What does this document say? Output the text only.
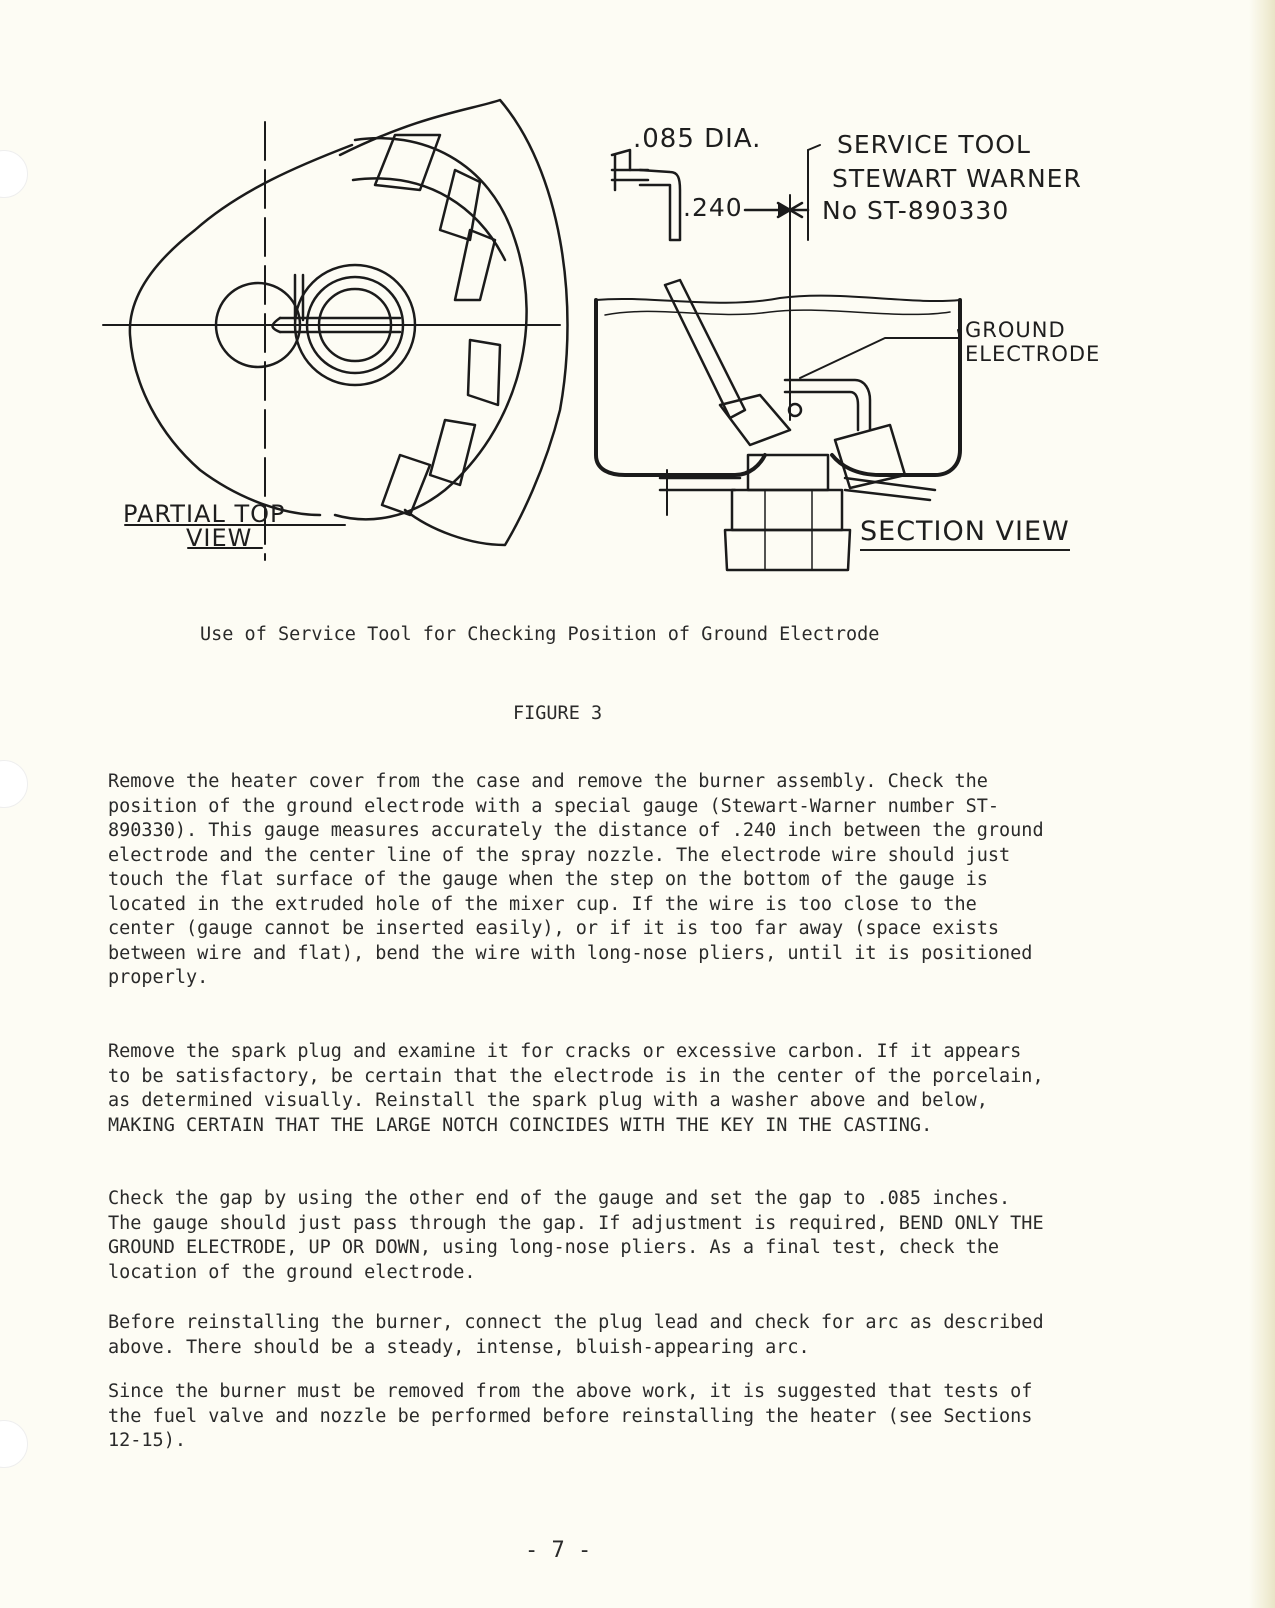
.085 DIA.	SERVICE TOOL
STEWART WARNER
No ST-890330
.240
GROUND
ELECTRODE
PARTIAL TOP
VIEW	SECTION VIEW
Use of Service Tool for Checking Position of Ground Electrode
FIGURE 3

Remove the heater cover from the case and remove the burner assembly. Check the position of the ground electrode with a special gauge (Stewart-Warner number ST-890330). This gauge measures accurately the distance of .240 inch between the ground electrode and the center line of the spray nozzle. The electrode wire should just touch the flat surface of the gauge when the step on the bottom of the gauge is located in the extruded hole of the mixer cup. If the wire is too close to the center (gauge cannot be inserted easily), or if it is too far away (space exists between wire and flat), bend the wire with long-nose pliers, until it is positioned properly.

Remove the spark plug and examine it for cracks or excessive carbon. If it appears to be satisfactory, be certain that the electrode is in the center of the porcelain, as determined visually. Reinstall the spark plug with a washer above and below, MAKING CERTAIN THAT THE LARGE NOTCH COINCIDES WITH THE KEY IN THE CASTING.

Check the gap by using the other end of the gauge and set the gap to .085 inches. The gauge should just pass through the gap. If adjustment is required, BEND ONLY THE GROUND ELECTRODE, UP OR DOWN, using long-nose pliers. As a final test, check the location of the ground electrode.

Before reinstalling the burner, connect the plug lead and check for arc as described above. There should be a steady, intense, bluish-appearing arc.

Since the burner must be removed from the above work, it is suggested that tests of the fuel valve and nozzle be performed before reinstalling the heater (see Sections 12-15).

- 7 -
